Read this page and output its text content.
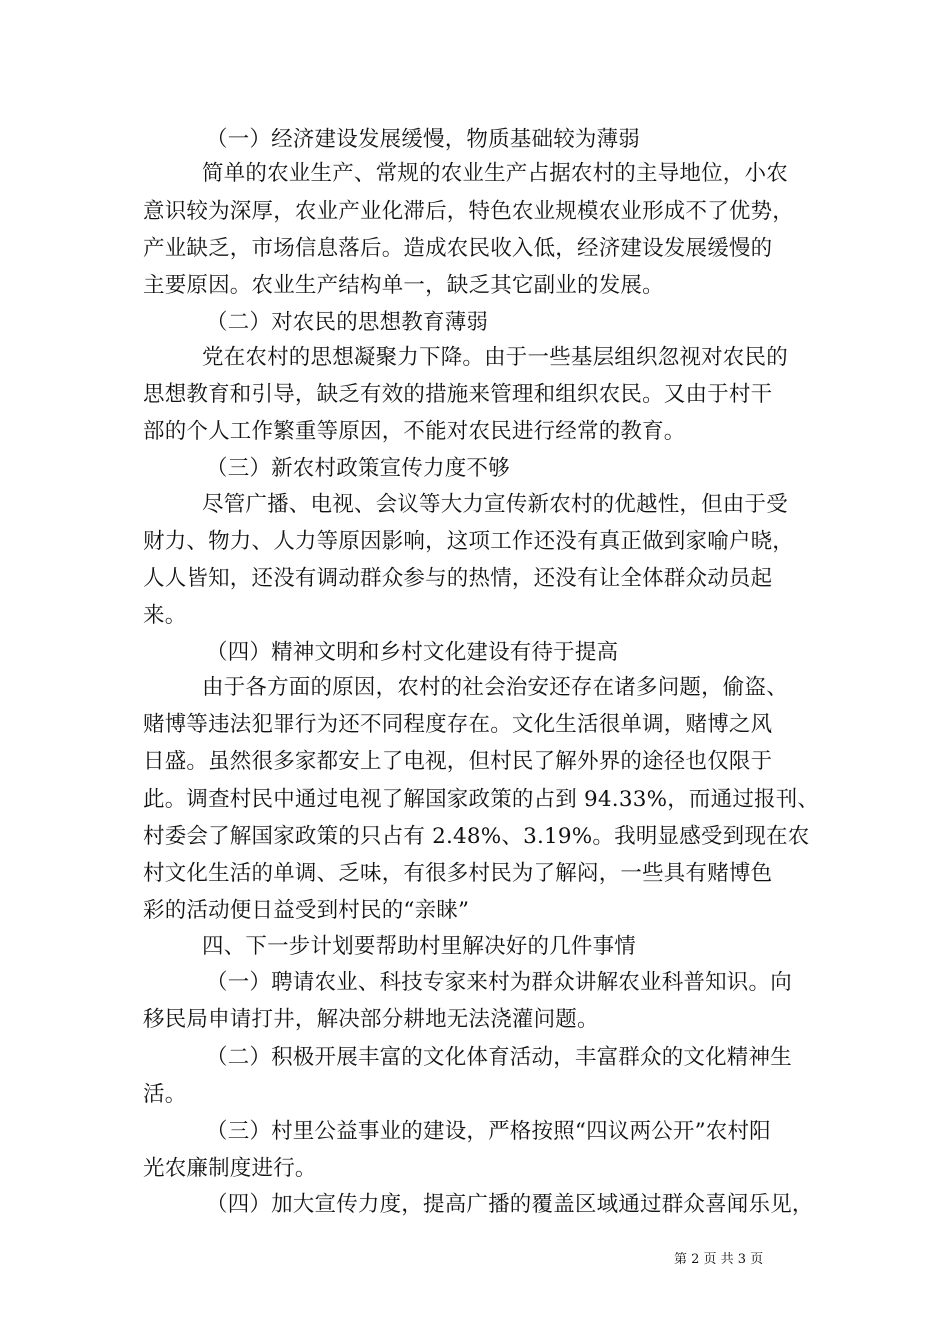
（一）经济建设发展缓慢，物质基础较为薄弱
简单的农业生产、常规的农业生产占据农村的主导地位，小农
意识较为深厚，农业产业化滞后，特色农业规模农业形成不了优势，
产业缺乏，市场信息落后。造成农民收入低，经济建设发展缓慢的
主要原因。农业生产结构单一，缺乏其它副业的发展。
（二）对农民的思想教育薄弱
党在农村的思想凝聚力下降。由于一些基层组织忽视对农民的
思想教育和引导，缺乏有效的措施来管理和组织农民。又由于村干
部的个人工作繁重等原因，不能对农民进行经常的教育。
（三）新农村政策宣传力度不够
尽管广播、电视、会议等大力宣传新农村的优越性，但由于受
财力、物力、人力等原因影响，这项工作还没有真正做到家喻户晓，
人人皆知，还没有调动群众参与的热情，还没有让全体群众动员起
来。
（四）精神文明和乡村文化建设有待于提高
由于各方面的原因，农村的社会治安还存在诸多问题，偷盗、
赌博等违法犯罪行为还不同程度存在。文化生活很单调，赌博之风
日盛。虽然很多家都安上了电视，但村民了解外界的途径也仅限于
此。调查村民中通过电视了解国家政策的占到 94.33%，而通过报刊、
村委会了解国家政策的只占有 2.48%、3.19%。我明显感受到现在农
村文化生活的单调、乏味，有很多村民为了解闷，一些具有赌博色
彩的活动便日益受到村民的“亲睐”
四、下一步计划要帮助村里解决好的几件事情
（一）聘请农业、科技专家来村为群众讲解农业科普知识。向
移民局申请打井，解决部分耕地无法浇灌问题。
（二）积极开展丰富的文化体育活动，丰富群众的文化精神生
活。
（三）村里公益事业的建设，严格按照“四议两公开”农村阳
光农廉制度进行。
（四）加大宣传力度，提高广播的覆盖区域通过群众喜闻乐见，
第 2 页 共 3 页
